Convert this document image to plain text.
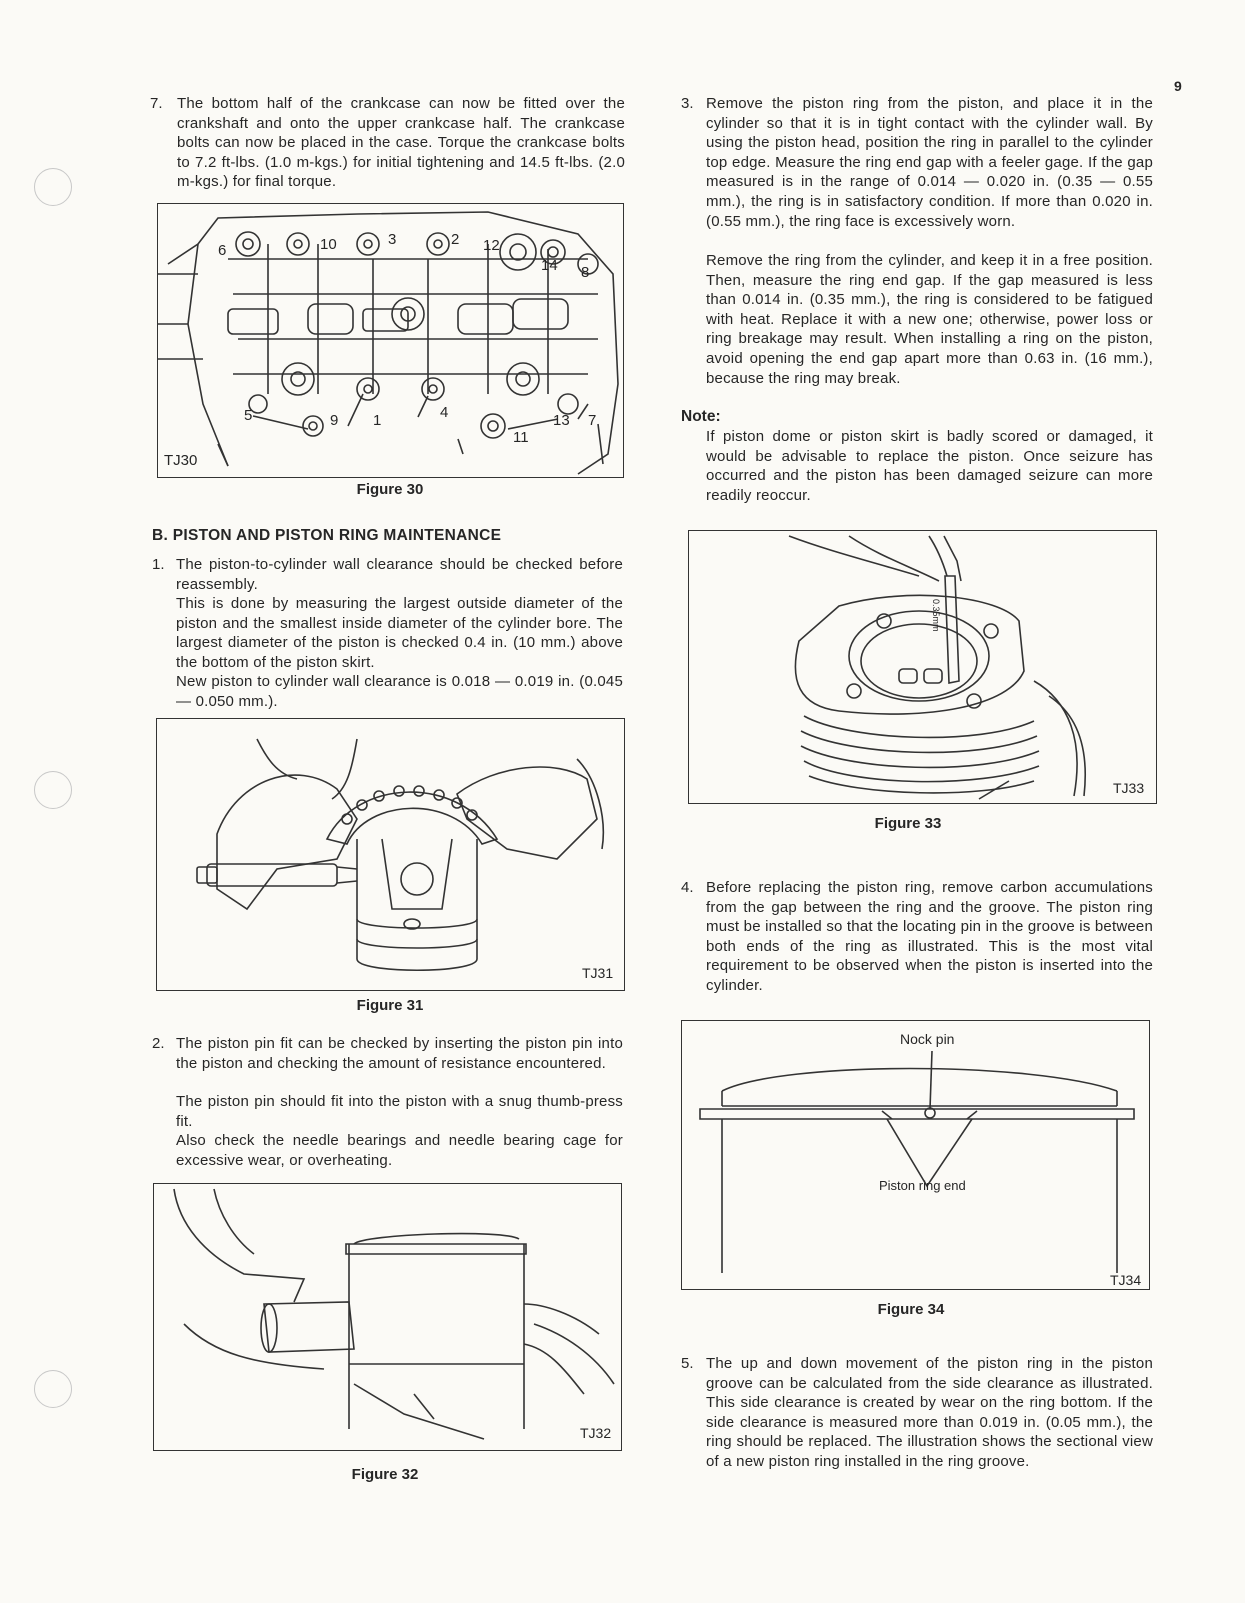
9
7. The bottom half of the crankcase can now be fitted over the crankshaft and onto the upper crankcase half. The crankcase bolts can now be placed in the case. Torque the crankcase bolts to 7.2 ft-lbs. (1.0 m-kgs.) for initial tightening and 14.5 ft-lbs. (2.0 m-kgs.) for final torque.
6	10	3	2 12
14 8
5	9 1	4	13 7
11
TJ30
Figure 30
B. PISTON AND PISTON RING MAINTENANCE
1. The piston-to-cylinder wall clearance should be checked before reassembly.
This is done by measuring the largest outside diameter of the piston and the smallest inside diameter of the cylinder bore. The largest diameter of the piston is checked 0.4 in. (10 mm.) above the bottom of the piston skirt.
New piston to cylinder wall clearance is 0.018 — 0.019 in. (0.045 — 0.050 mm.).
TJ31
Figure 31
2. The piston pin fit can be checked by inserting the piston pin into the piston and checking the amount of resistance encountered.
The piston pin should fit into the piston with a snug thumb-press fit.
Also check the needle bearings and needle bearing cage for excessive wear, or overheating.
TJ32
Figure 32
3. Remove the piston ring from the piston, and place it in the cylinder so that it is in tight contact with the cylinder wall. By using the piston head, position the ring in parallel to the cylinder top edge. Measure the ring end gap with a feeler gage. If the gap measured is in the range of 0.014 — 0.020 in. (0.35 — 0.55 mm.), the ring is in satisfactory condition. If more than 0.020 in. (0.55 mm.), the ring face is excessively worn.
Remove the ring from the cylinder, and keep it in a free position. Then, measure the ring end gap. If the gap measured is less than 0.014 in. (0.35 mm.), the ring is considered to be fatigued with heat. Replace it with a new one; otherwise, power loss or ring breakage may result. When installing a ring on the piston, avoid opening the end gap apart more than 0.63 in. (16 mm.), because the ring may break.
Note:
If piston dome or piston skirt is badly scored or damaged, it would be advisable to replace the piston. Once seizure has occurred and the piston has been damaged seizure can more readily reoccur.
0.35mm
TJ33
Figure 33
4. Before replacing the piston ring, remove carbon accumulations from the gap between the ring and the groove. The piston ring must be installed so that the locating pin in the groove is between both ends of the ring as illustrated. This is the most vital requirement to be observed when the piston is inserted into the cylinder.
Nock pin
Piston ring end
TJ34
Figure 34
5. The up and down movement of the piston ring in the piston groove can be calculated from the side clearance as illustrated. This side clearance is created by wear on the ring bottom. If the side clearance is measured more than 0.019 in. (0.05 mm.), the ring should be replaced. The illustration shows the sectional view of a new piston ring installed in the ring groove.
